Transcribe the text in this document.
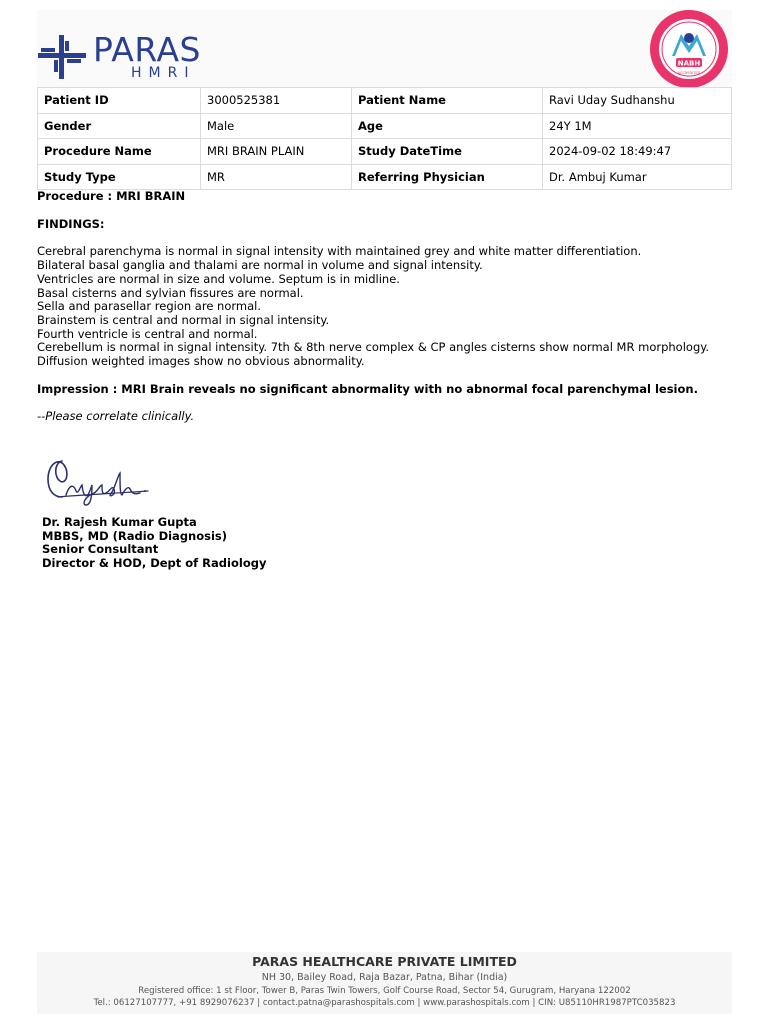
PARAS
HMRI
NABH
ACCREDITED
Patient ID	3000525381	Patient Name	Ravi Uday Sudhanshu
Gender	Male	Age	24Y 1M
Procedure Name	MRI BRAIN PLAIN	Study DateTime	2024-09-02 18:49:47
Study Type	MR	Referring Physician	Dr. Ambuj Kumar
Procedure : MRI BRAIN
FINDINGS:
Cerebral parenchyma is normal in signal intensity with maintained grey and white matter differentiation.
Bilateral basal ganglia and thalami are normal in volume and signal intensity.
Ventricles are normal in size and volume. Septum is in midline.
Basal cisterns and sylvian fissures are normal.
Sella and parasellar region are normal.
Brainstem is central and normal in signal intensity.
Fourth ventricle is central and normal.
Cerebellum is normal in signal intensity. 7th & 8th nerve complex & CP angles cisterns show normal MR morphology.
Diffusion weighted images show no obvious abnormality.
Impression : MRI Brain reveals no significant abnormality with no abnormal focal parenchymal lesion.
--Please correlate clinically.
Dr. Rajesh Kumar Gupta
MBBS, MD (Radio Diagnosis)
Senior Consultant
Director & HOD, Dept of Radiology
PARAS HEALTHCARE PRIVATE LIMITED
NH 30, Bailey Road, Raja Bazar, Patna, Bihar (India)
Registered office: 1 st Floor, Tower B, Paras Twin Towers, Golf Course Road, Sector 54, Gurugram, Haryana 122002
Tel.: 06127107777, +91 8929076237 | contact.patna@parashospitals.com | www.parashospitals.com | CIN: U85110HR1987PTC035823
